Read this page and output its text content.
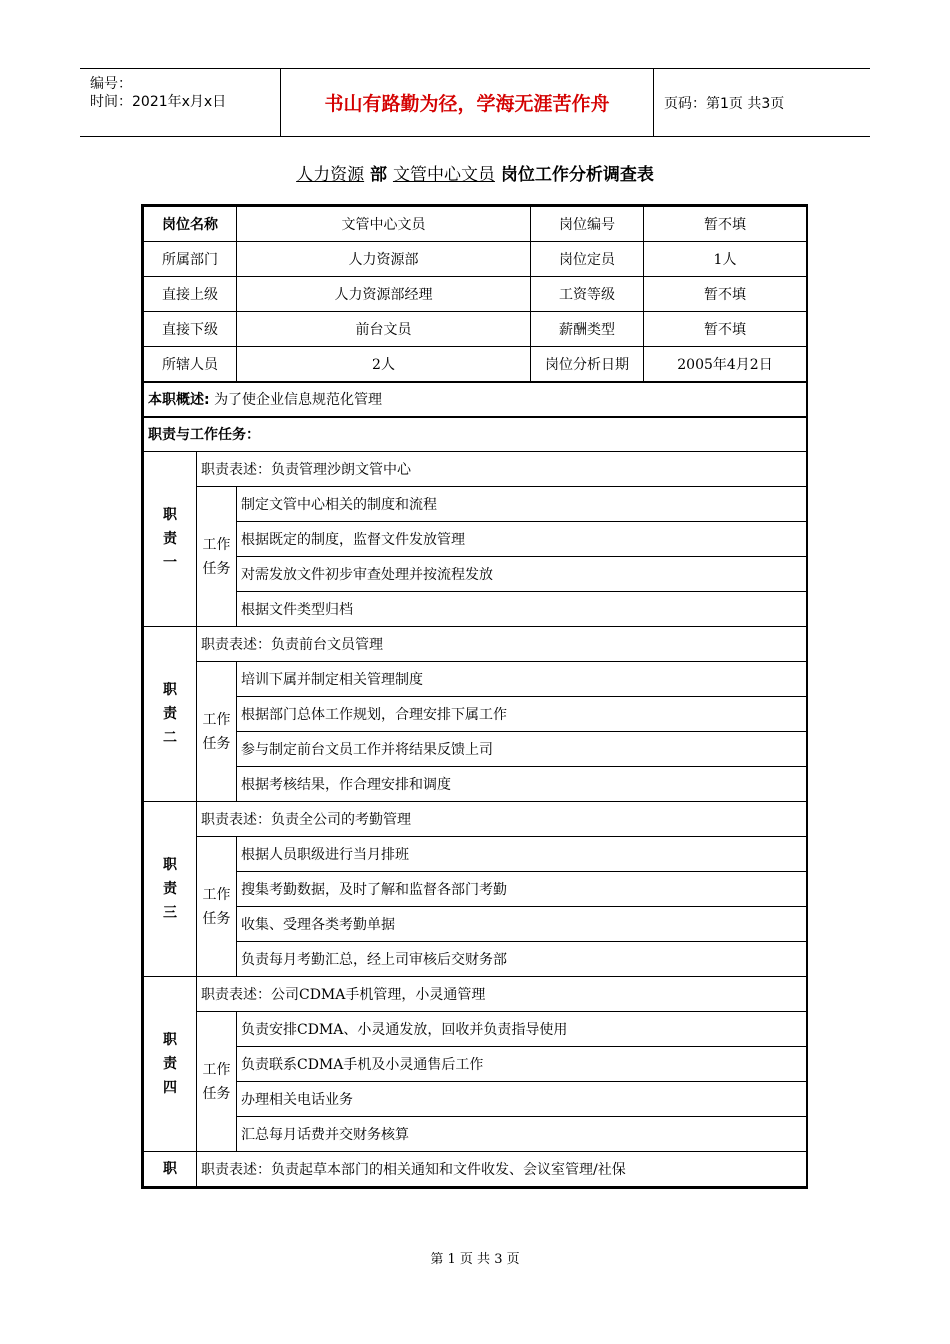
编号：
时间：2021年x月x日	书山有路勤为径，学海无涯苦作舟	页码：第1页 共3页
人力资源 部 文管中心文员 岗位工作分析调查表
岗位名称		文管中心文员	岗位编号	暂不填
所属部门		人力资源部	岗位定员	1人
直接上级		人力资源部经理	工资等级	暂不填
直接下级		前台文员	薪酬类型	暂不填
所辖人员		2人	岗位分析日期	2005年4月2日
本职概述: 为了使企业信息规范化管理				
职责与工作任务：				
职
责
一	职责表述：负责管理沙朗文管中心			
	工作
任务	制定文管中心相关的制度和流程		
		根据既定的制度，监督文件发放管理		
		对需发放文件初步审查处理并按流程发放		
		根据文件类型归档		
职
责
二	职责表述：负责前台文员管理			
	工作
任务	培训下属并制定相关管理制度		
		根据部门总体工作规划，合理安排下属工作		
		参与制定前台文员工作并将结果反馈上司		
		根据考核结果，作合理安排和调度		
职
责
三	职责表述：负责全公司的考勤管理			
	工作
任务	根据人员职级进行当月排班		
		搜集考勤数据，及时了解和监督各部门考勤		
		收集、受理各类考勤单据		
		负责每月考勤汇总，经上司审核后交财务部		
职
责
四	职责表述：公司CDMA手机管理，小灵通管理			
	工作
任务	负责安排CDMA、小灵通发放，回收并负责指导使用		
		负责联系CDMA手机及小灵通售后工作		
		办理相关电话业务		
		汇总每月话费并交财务核算		
职	职责表述：负责起草本部门的相关通知和文件收发、会议室管理/社保			
第 1 页 共 3 页
